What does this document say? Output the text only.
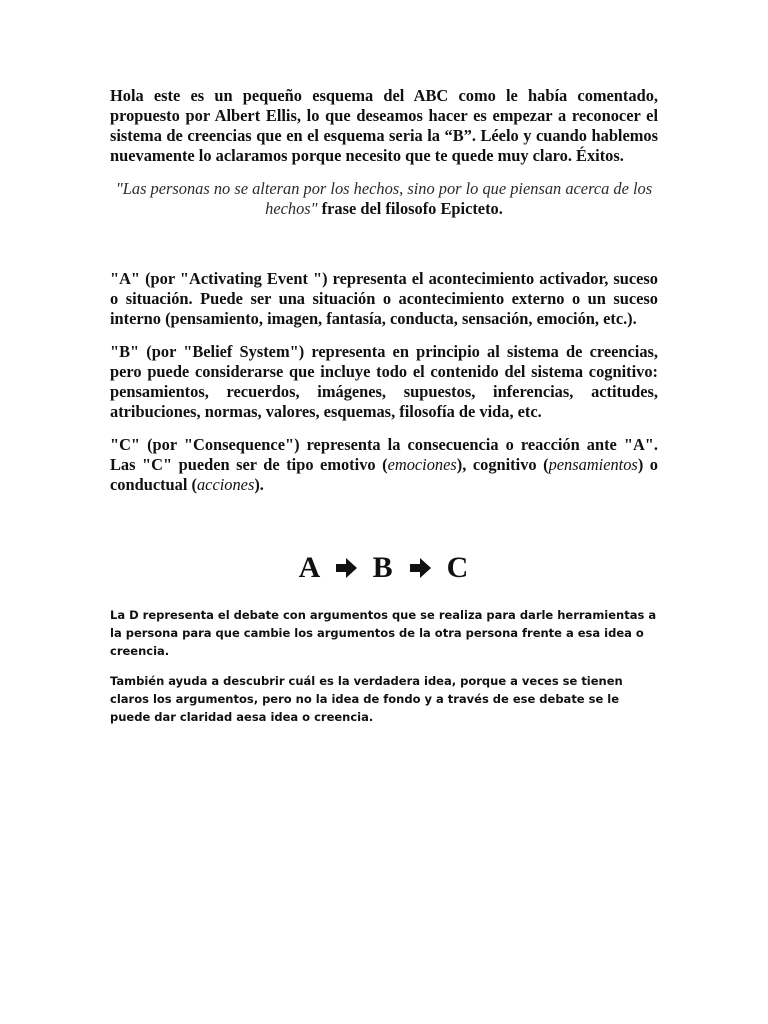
Hola este es un pequeño esquema del ABC como le había comentado, propuesto por Albert Ellis, lo que deseamos hacer es empezar a reconocer el sistema de creencias que en el esquema seria la “B”. Léelo y cuando hablemos nuevamente lo aclaramos porque necesito que te quede muy claro. Éxitos.

"Las personas no se alteran por los hechos, sino por lo que piensan acerca de los hechos" frase del filosofo Epicteto.

"A" (por "Activating Event ") representa el acontecimiento activador, suceso o situación. Puede ser una situación o acontecimiento externo o un suceso interno (pensamiento, imagen, fantasía, conducta, sensación, emoción, etc.).

"B" (por "Belief System") representa en principio al sistema de creencias, pero puede considerarse que incluye todo el contenido del sistema cognitivo: pensamientos, recuerdos, imágenes, supuestos, inferencias, actitudes, atribuciones, normas, valores, esquemas, filosofía de vida, etc.

"C" (por "Consequence") representa la consecuencia o reacción ante "A". Las "C" pueden ser de tipo emotivo (emociones), cognitivo (pensamientos) o conductual (acciones).

A B C

La D representa el debate con argumentos que se realiza para darle herramientas a la persona para que cambie los argumentos de la otra persona frente a esa idea o creencia.

También ayuda a descubrir cuál es la verdadera idea, porque a veces se tienen claros los argumentos, pero no la idea de fondo y a través de ese debate se le puede dar claridad aesa idea o creencia.
